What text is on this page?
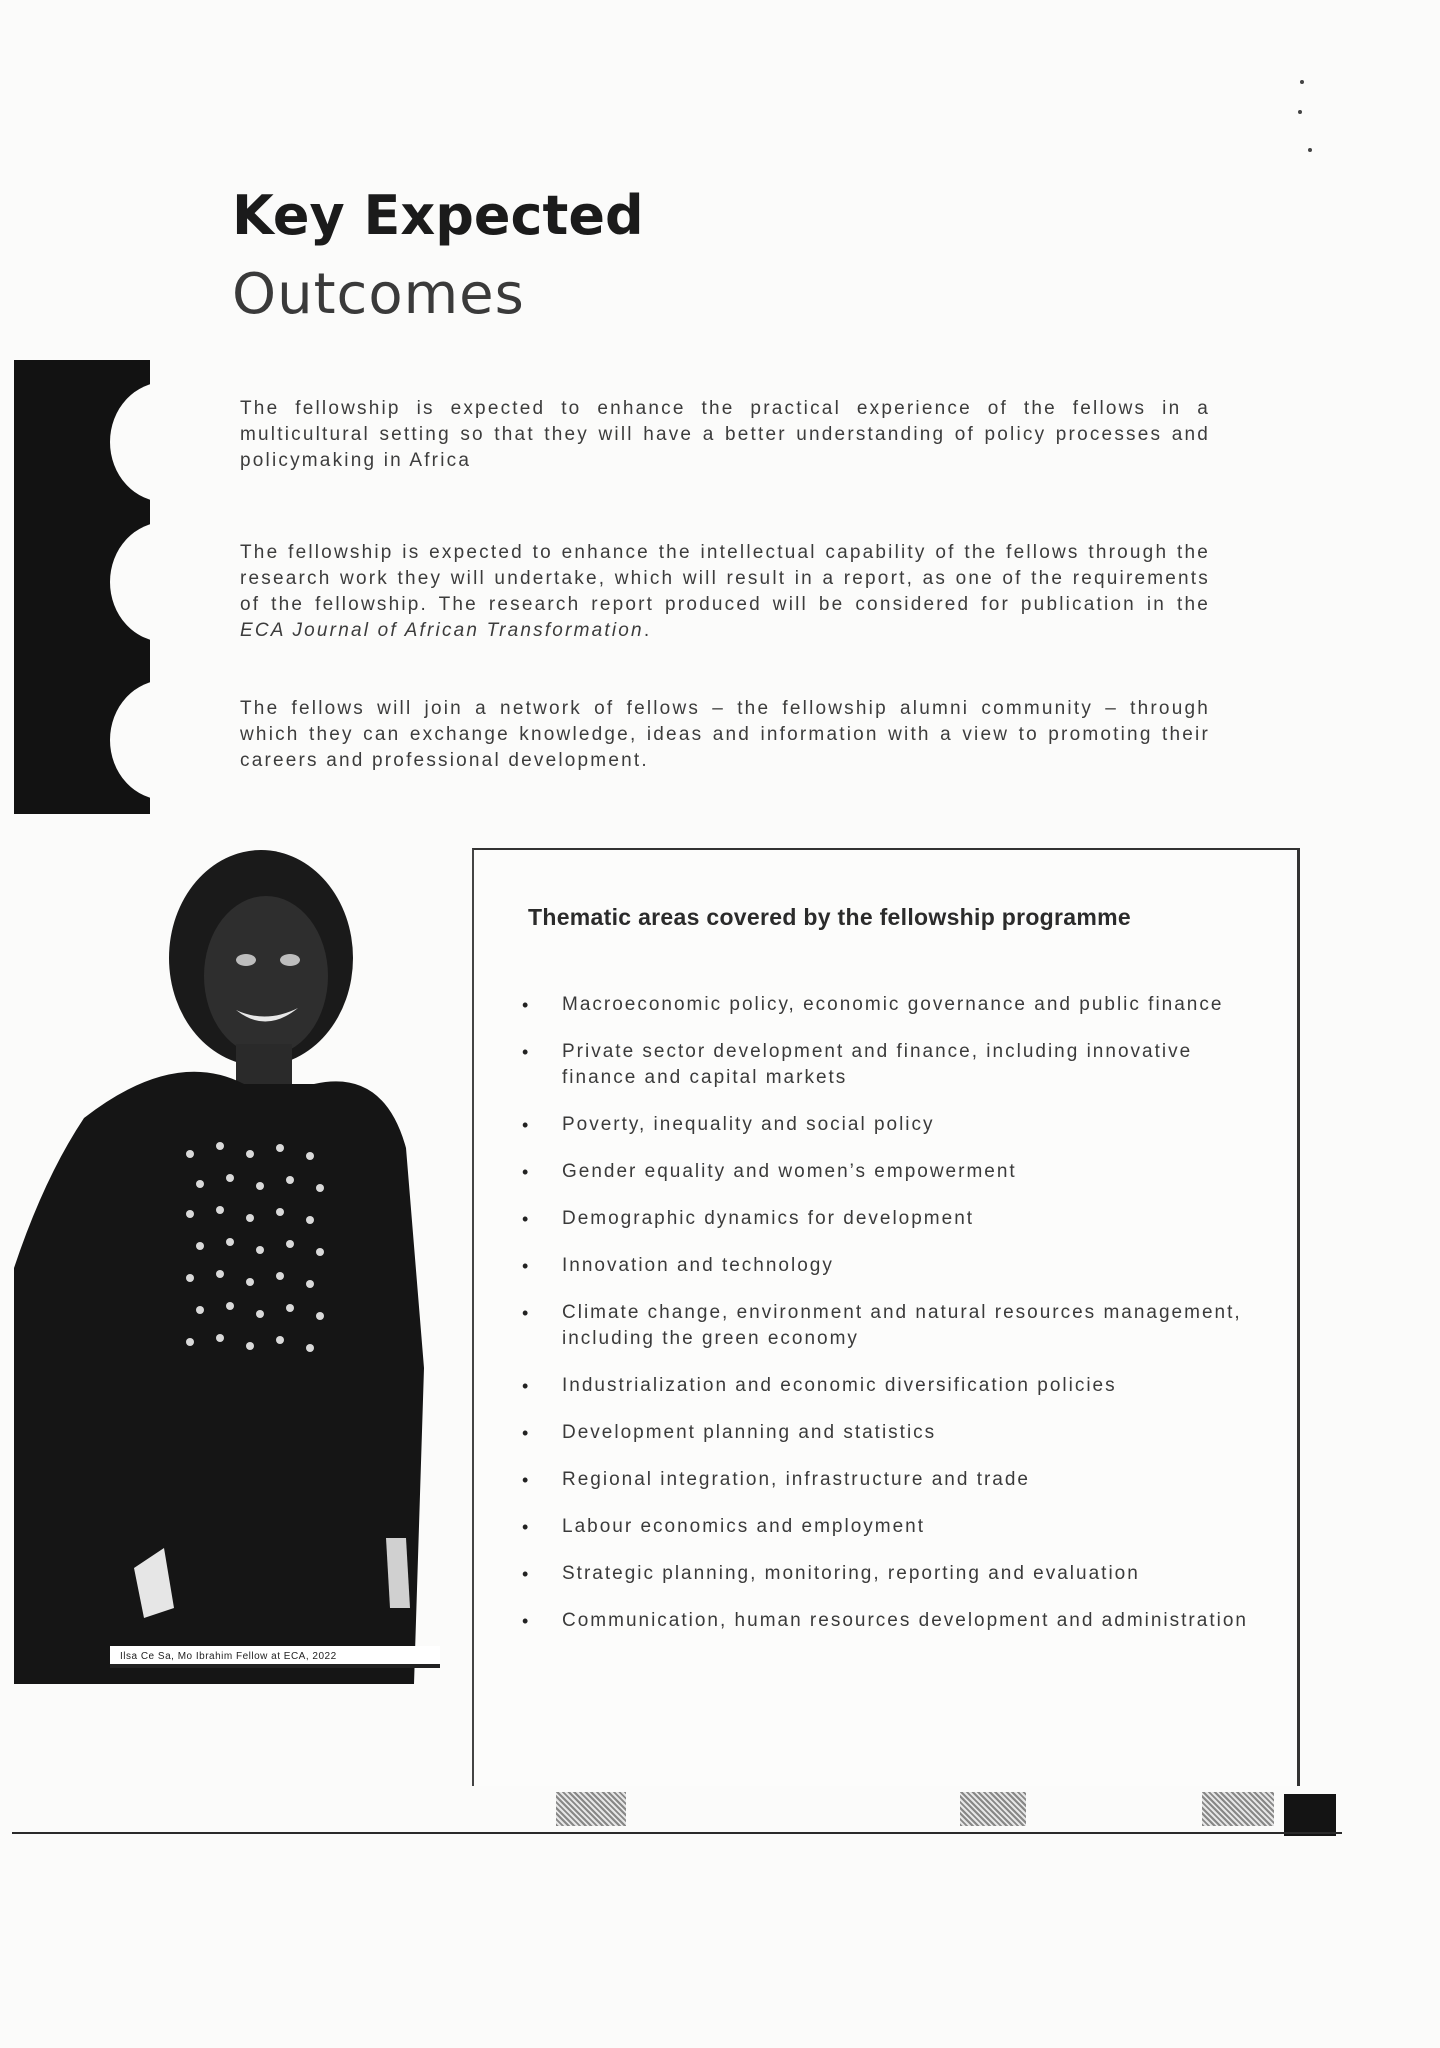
Key Expected
Outcomes

The fellowship is expected to enhance the practical experience of the fellows in a multicultural setting so that they will have a better understanding of policy processes and policymaking in Africa

The fellowship is expected to enhance the intellectual capability of the fellows through the research work they will undertake, which will result in a report, as one of the requirements of the fellowship. The research report produced will be considered for publication in the ECA Journal of African Transformation.

The fellows will join a network of fellows – the fellowship alumni community – through which they can exchange knowledge, ideas and information with a view to promoting their careers and professional development.

Ilsa Ce Sa, Mo Ibrahim Fellow at ECA, 2022
Thematic areas covered by the fellowship programme
• Macroeconomic policy, economic governance and public finance
• Private sector development and finance, including innovative finance and capital markets
• Poverty, inequality and social policy
• Gender equality and women’s empowerment
• Demographic dynamics for development
• Innovation and technology
• Climate change, environment and natural resources management, including the green economy
• Industrialization and economic diversification policies
• Development planning and statistics
• Regional integration, infrastructure and trade
• Labour economics and employment
• Strategic planning, monitoring, reporting and evaluation
• Communication, human resources development and administration
